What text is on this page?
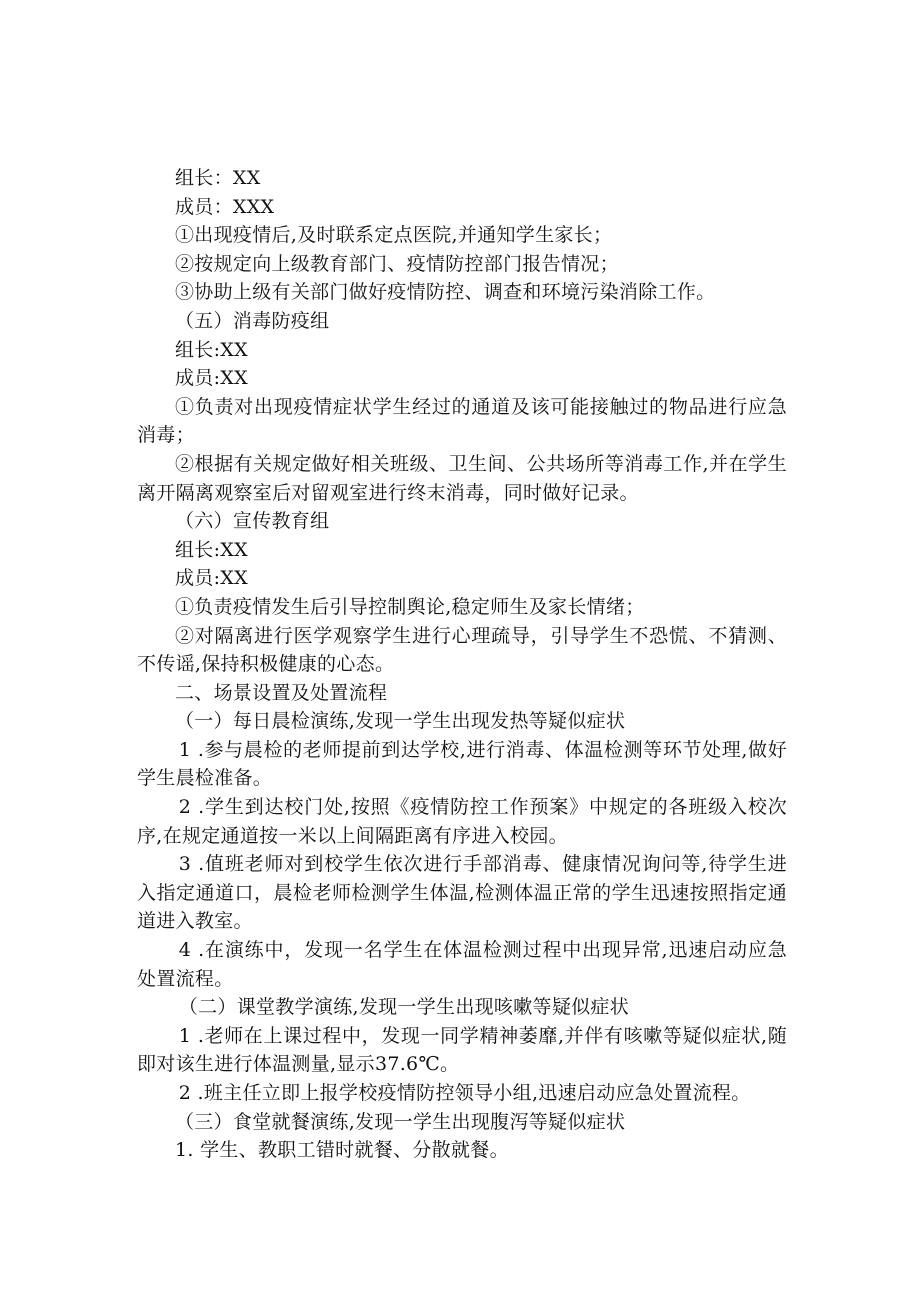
组长：XX

成员：XXX

①出现疫情后,及时联系定点医院,并通知学生家长；

②按规定向上级教育部门、疫情防控部门报告情况；

③协助上级有关部门做好疫情防控、调查和环境污染消除工作。

（五）消毒防疫组

组长:XX

成员:XX

①负责对出现疫情症状学生经过的通道及该可能接触过的物品进行应急消毒；

②根据有关规定做好相关班级、卫生间、公共场所等消毒工作,并在学生离开隔离观察室后对留观室进行终末消毒，同时做好记录。

（六）宣传教育组

组长:XX

成员:XX

①负责疫情发生后引导控制舆论,稳定师生及家长情绪；

②对隔离进行医学观察学生进行心理疏导，引导学生不恐慌、不猜测、不传谣,保持积极健康的心态。

二、场景设置及处置流程

（一）每日晨检演练,发现一学生出现发热等疑似症状

1 .参与晨检的老师提前到达学校,进行消毒、体温检测等环节处理,做好学生晨检准备。

2 .学生到达校门处,按照《疫情防控工作预案》中规定的各班级入校次序,在规定通道按一米以上间隔距离有序进入校园。

3 .值班老师对到校学生依次进行手部消毒、健康情况询问等,待学生进入指定通道口，晨检老师检测学生体温,检测体温正常的学生迅速按照指定通道进入教室。

4 .在演练中，发现一名学生在体温检测过程中出现异常,迅速启动应急处置流程。

（二）课堂教学演练,发现一学生出现咳嗽等疑似症状

1 .老师在上课过程中，发现一同学精神萎靡,并伴有咳嗽等疑似症状,随即对该生进行体温测量,显示37.6℃。

2 .班主任立即上报学校疫情防控领导小组,迅速启动应急处置流程。

（三）食堂就餐演练,发现一学生出现腹泻等疑似症状

1. 学生、教职工错时就餐、分散就餐。
